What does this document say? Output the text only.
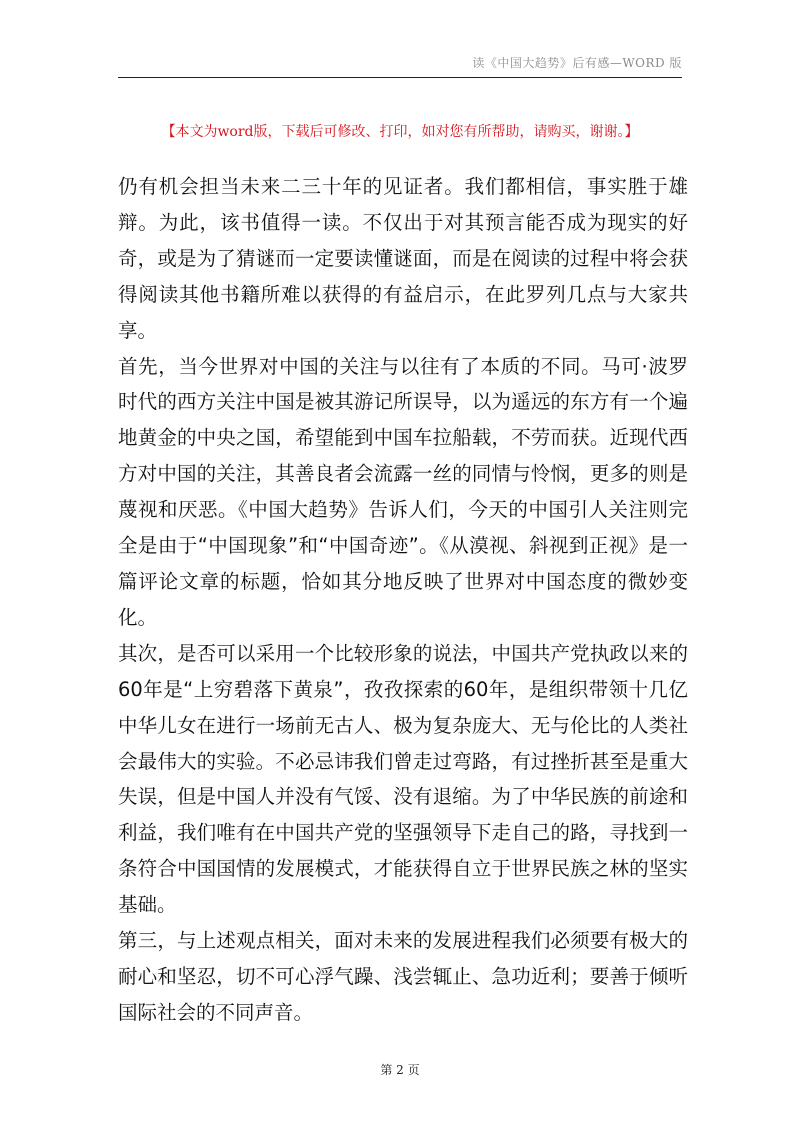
读《中国大趋势》后有感—WORD 版
【本文为word版，下载后可修改、打印，如对您有所帮助，请购买，谢谢。】

仍有机会担当未来二三十年的见证者。我们都相信，事实胜于雄辩。为此，该书值得一读。不仅出于对其预言能否成为现实的好奇，或是为了猜谜而一定要读懂谜面，而是在阅读的过程中将会获得阅读其他书籍所难以获得的有益启示，在此罗列几点与大家共享。

首先，当今世界对中国的关注与以往有了本质的不同。马可·波罗时代的西方关注中国是被其游记所误导，以为遥远的东方有一个遍地黄金的中央之国，希望能到中国车拉船载，不劳而获。近现代西方对中国的关注，其善良者会流露一丝的同情与怜悯，更多的则是蔑视和厌恶。《中国大趋势》告诉人们，今天的中国引人关注则完全是由于“中国现象”和“中国奇迹”。《从漠视、斜视到正视》是一篇评论文章的标题，恰如其分地反映了世界对中国态度的微妙变化。

其次，是否可以采用一个比较形象的说法，中国共产党执政以来的60年是“上穷碧落下黄泉”，孜孜探索的60年，是组织带领十几亿中华儿女在进行一场前无古人、极为复杂庞大、无与伦比的人类社会最伟大的实验。不必忌讳我们曾走过弯路，有过挫折甚至是重大失误，但是中国人并没有气馁、没有退缩。为了中华民族的前途和利益，我们唯有在中国共产党的坚强领导下走自己的路，寻找到一条符合中国国情的发展模式，才能获得自立于世界民族之林的坚实基础。

第三，与上述观点相关，面对未来的发展进程我们必须要有极大的耐心和坚忍，切不可心浮气躁、浅尝辄止、急功近利；要善于倾听国际社会的不同声音。

第 2 页
